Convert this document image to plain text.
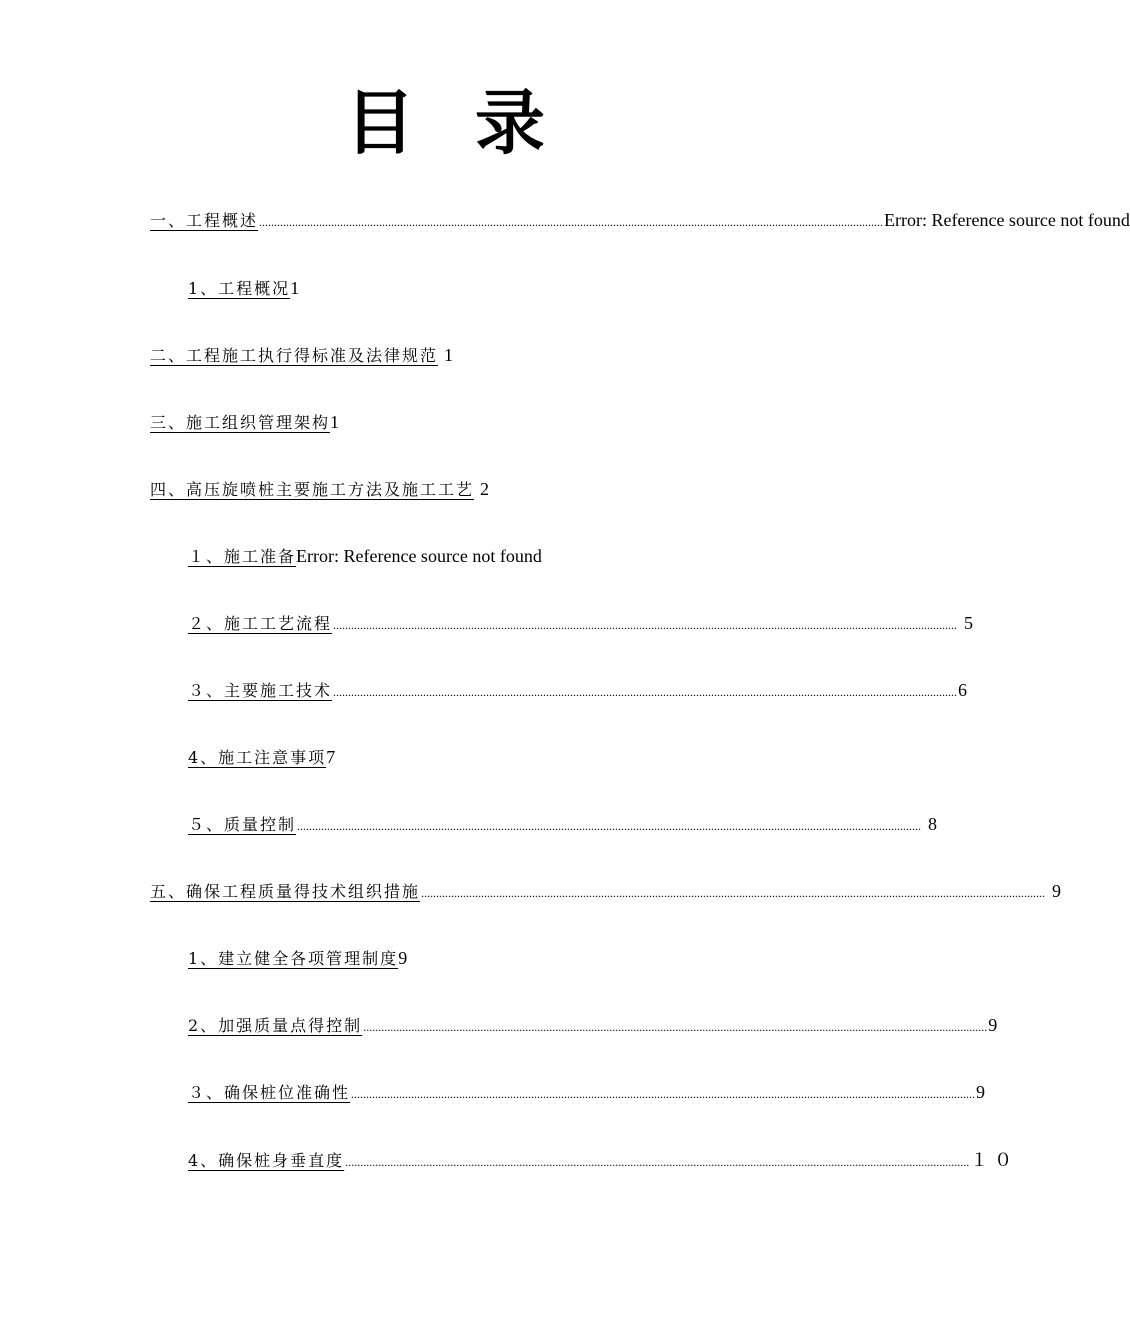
目录
一、工程概述 ................................................................................................................................................................................................................ Error: Reference source not found
1、工程概况 1
二、工程施工执行得标准及法律规范 1
三、施工组织管理架构 1
四、高压旋喷桩主要施工方法及施工工艺 2
１、施工准备 Error: Reference source not found
２、施工工艺流程 ................................................................................................................................................................................................................ 5
３、主要施工技术 ................................................................................................................................................................................................................ 6
4、施工注意事项 7
５、质量控制 ................................................................................................................................................................................................................ 8
五、确保工程质量得技术组织措施 ................................................................................................................................................................................................................ 9
1、建立健全各项管理制度 9
2、加强质量点得控制 ................................................................................................................................................................................................................ 9
３、确保桩位准确性 ................................................................................................................................................................................................................ 9
4、确保桩身垂直度 ................................................................................................................................................................................................................ １０
